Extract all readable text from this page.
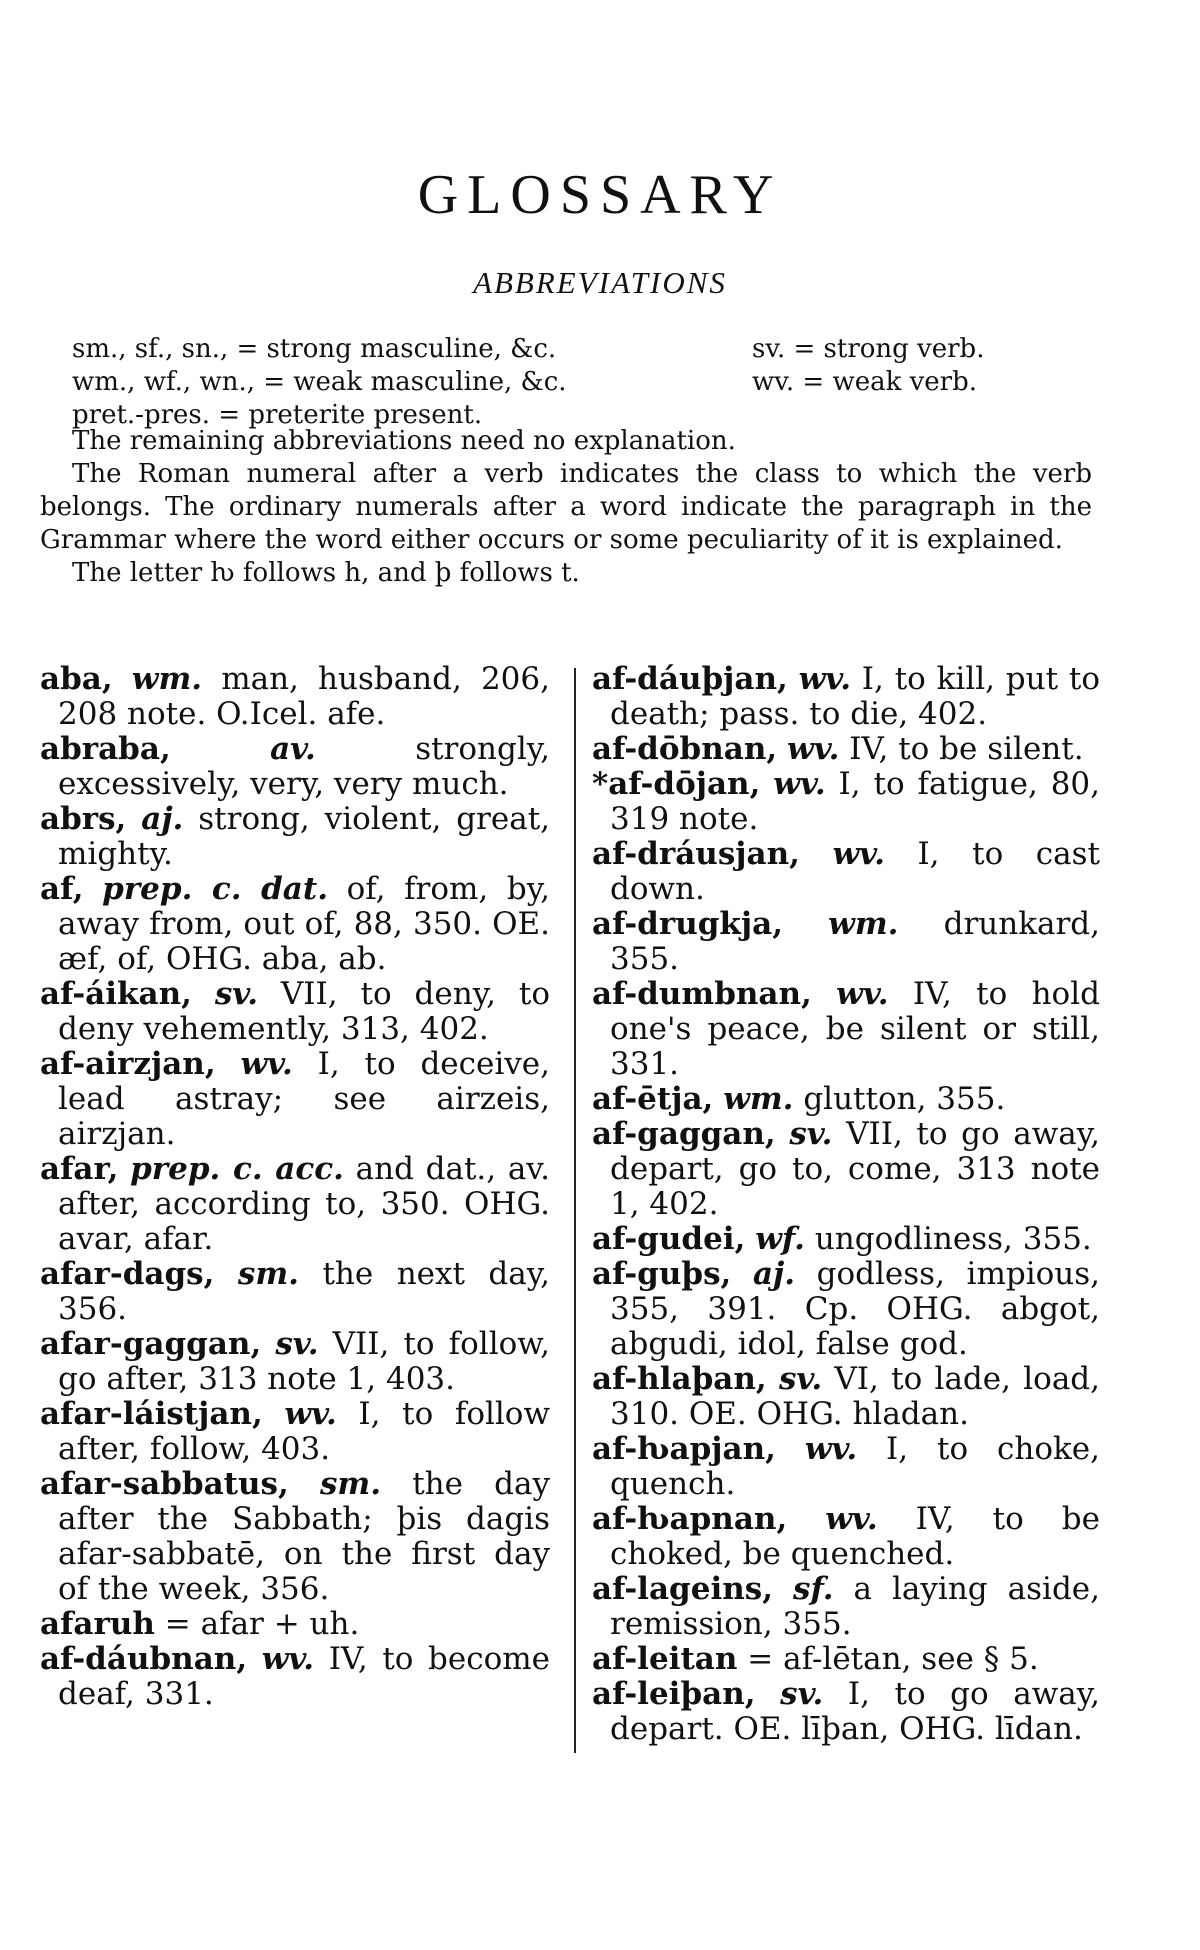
GLOSSARY
ABBREVIATIONS
sm., sf., sn., = strong masculine, &c.	sv. = strong verb.
wm., wf., wn., = weak masculine, &c.	wv. = weak verb.
pret.-pres. = preterite present.

The remaining abbreviations need no explanation.

The Roman numeral after a verb indicates the class to which the verb belongs. The ordinary numerals after a word indicate the paragraph in the Grammar where the word either occurs or some peculiarity of it is explained.

The letter ƕ follows h, and þ follows t.

aba, wm. man, husband, 206, 208 note. O.Icel. afe.

abraba,	av.	strongly, excessively, very, very much.

abrs, aj. strong, violent, great, mighty.

af, prep. c. dat. of, from, by, away from, out of, 88, 350. OE. æf, of, OHG. aba, ab.

af-áikan, sv. VII, to deny, to deny vehemently, 313, 402.

af-airzjan, wv. I, to deceive, lead astray; see airzeis, airzjan.

afar, prep. c. acc. and dat., av. after, according to, 350. OHG. avar, afar.

afar-dags, sm. the next day, 356.

afar-gaggan, sv. VII, to follow, go after, 313 note 1, 403.

afar-láistjan, wv. I, to follow after, follow, 403.

afar-sabbatus, sm. the day after the Sabbath; þis dagis afar-sabbatē, on the first day of the week, 356.

afaruh = afar + uh.

af-dáubnan, wv. IV, to become deaf, 331.

af-dáuþjan, wv. I, to kill, put to death; pass. to die, 402.

af-dōbnan, wv. IV, to be silent.

*af-dōjan, wv. I, to fatigue, 80, 319 note.

af-dráusjan, wv. I, to cast down.

af-drugkja, wm. drunkard, 355.

af-dumbnan, wv. IV, to hold one's peace, be silent or still, 331.

af-ētja, wm. glutton, 355.

af-gaggan, sv. VII, to go away, depart, go to, come, 313 note 1, 402.

af-gudei, wf. ungodliness, 355.

af-guþs, aj. godless, impious, 355, 391. Cp. OHG. abgot, abgudi, idol, false god.

af-hlaþan, sv. VI, to lade, load, 310. OE. OHG. hladan.

af-ƕapjan, wv. I, to choke, quench.

af-ƕapnan, wv. IV, to be choked, be quenched.

af-lageins, sf. a laying aside, remission, 355.

af-leitan = af-lētan, see § 5.

af-leiþan, sv. I, to go away, depart. OE. līþan, OHG. līdan.
